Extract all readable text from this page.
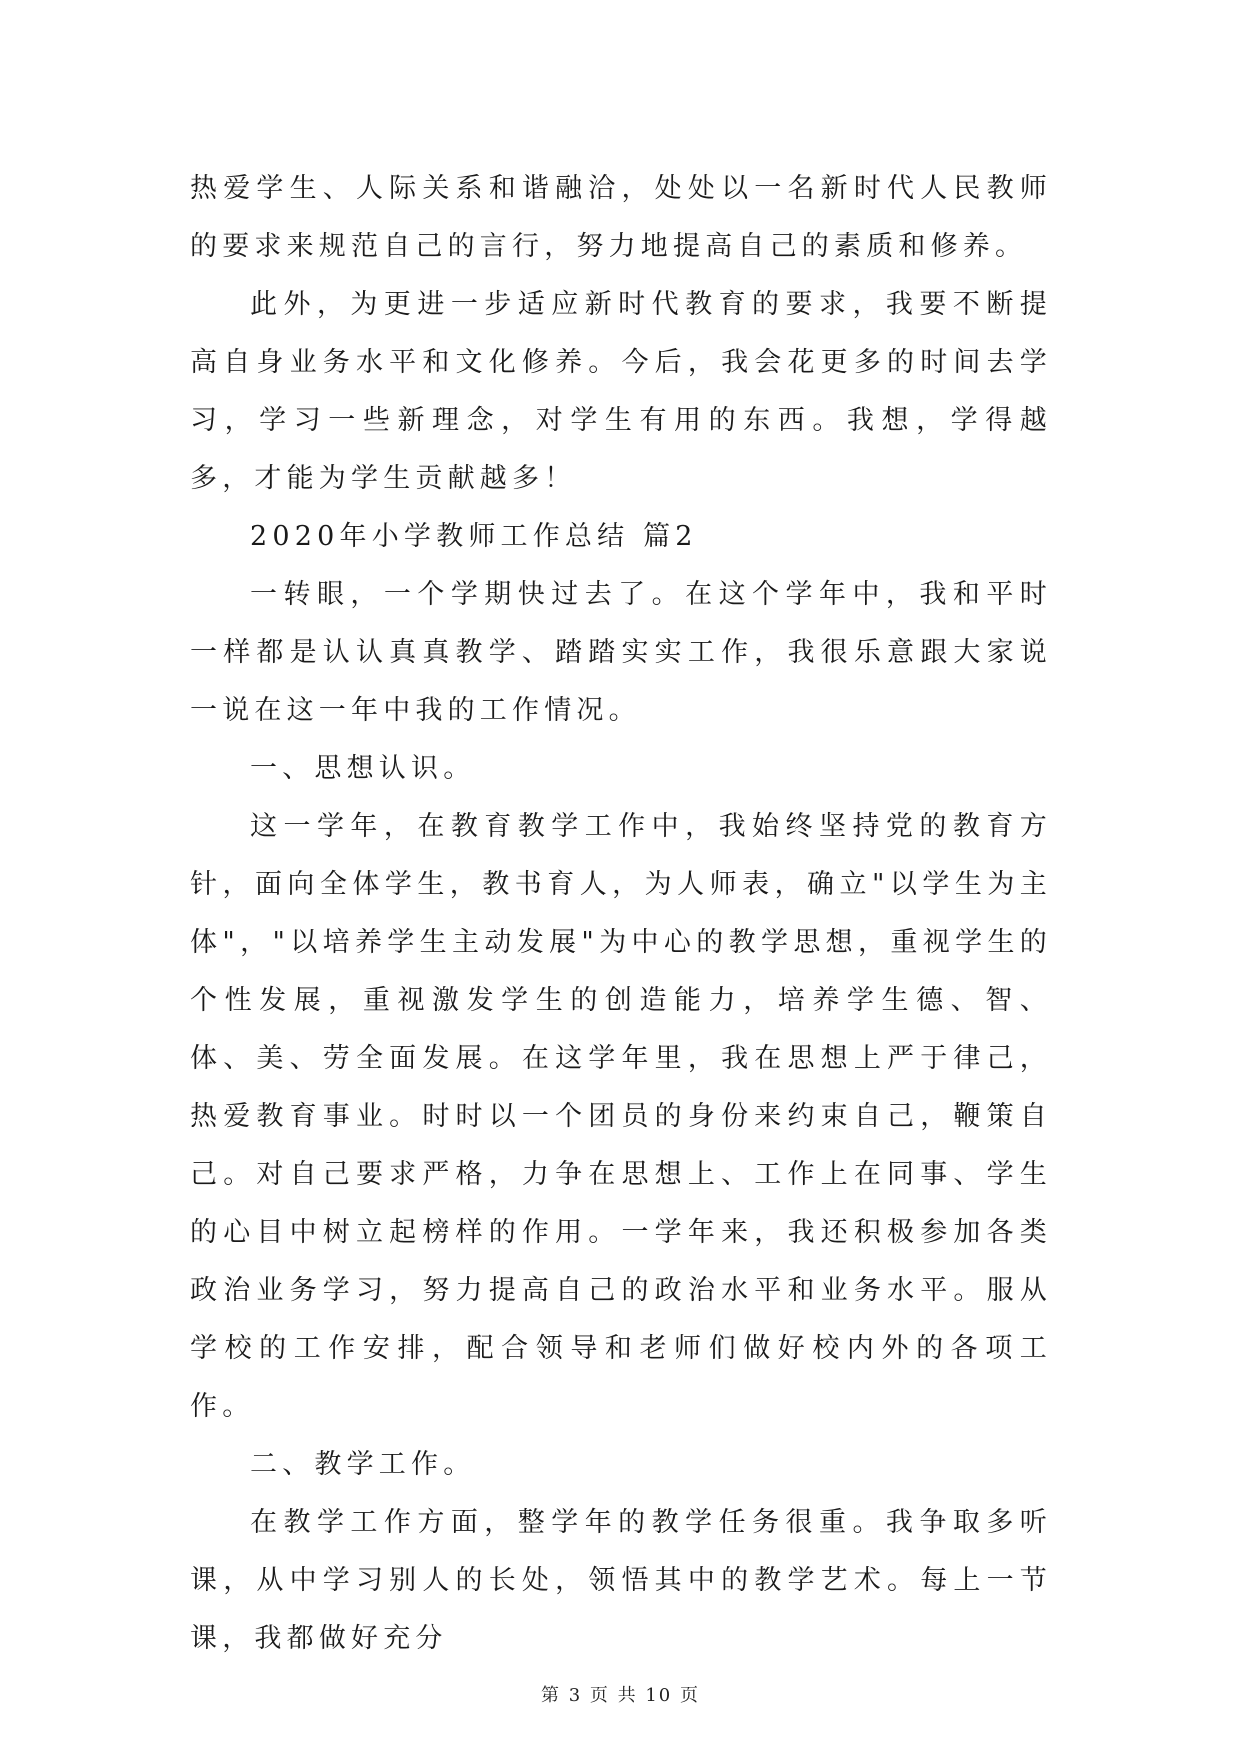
热爱学生、人际关系和谐融洽，处处以一名新时代人民教师的要求来规范自己的言行，努力地提高自己的素质和修养。

此外，为更进一步适应新时代教育的要求，我要不断提高自身业务水平和文化修养。今后，我会花更多的时间去学习，学习一些新理念，对学生有用的东西。我想，学得越多，才能为学生贡献越多！

2020年小学教师工作总结 篇2

一转眼，一个学期快过去了。在这个学年中，我和平时一样都是认认真真教学、踏踏实实工作，我很乐意跟大家说一说在这一年中我的工作情况。

一、思想认识。

这一学年，在教育教学工作中，我始终坚持党的教育方针，面向全体学生，教书育人，为人师表，确立"以学生为主体"，"以培养学生主动发展"为中心的教学思想，重视学生的个性发展，重视激发学生的创造能力，培养学生德、智、体、美、劳全面发展。在这学年里，我在思想上严于律己，热爱教育事业。时时以一个团员的身份来约束自己，鞭策自己。对自己要求严格，力争在思想上、工作上在同事、学生的心目中树立起榜样的作用。一学年来，我还积极参加各类政治业务学习，努力提高自己的政治水平和业务水平。服从学校的工作安排，配合领导和老师们做好校内外的各项工作。

二、教学工作。

在教学工作方面，整学年的教学任务很重。我争取多听课，从中学习别人的长处，领悟其中的教学艺术。每上一节课，我都做好充分

第 3 页 共 10 页
